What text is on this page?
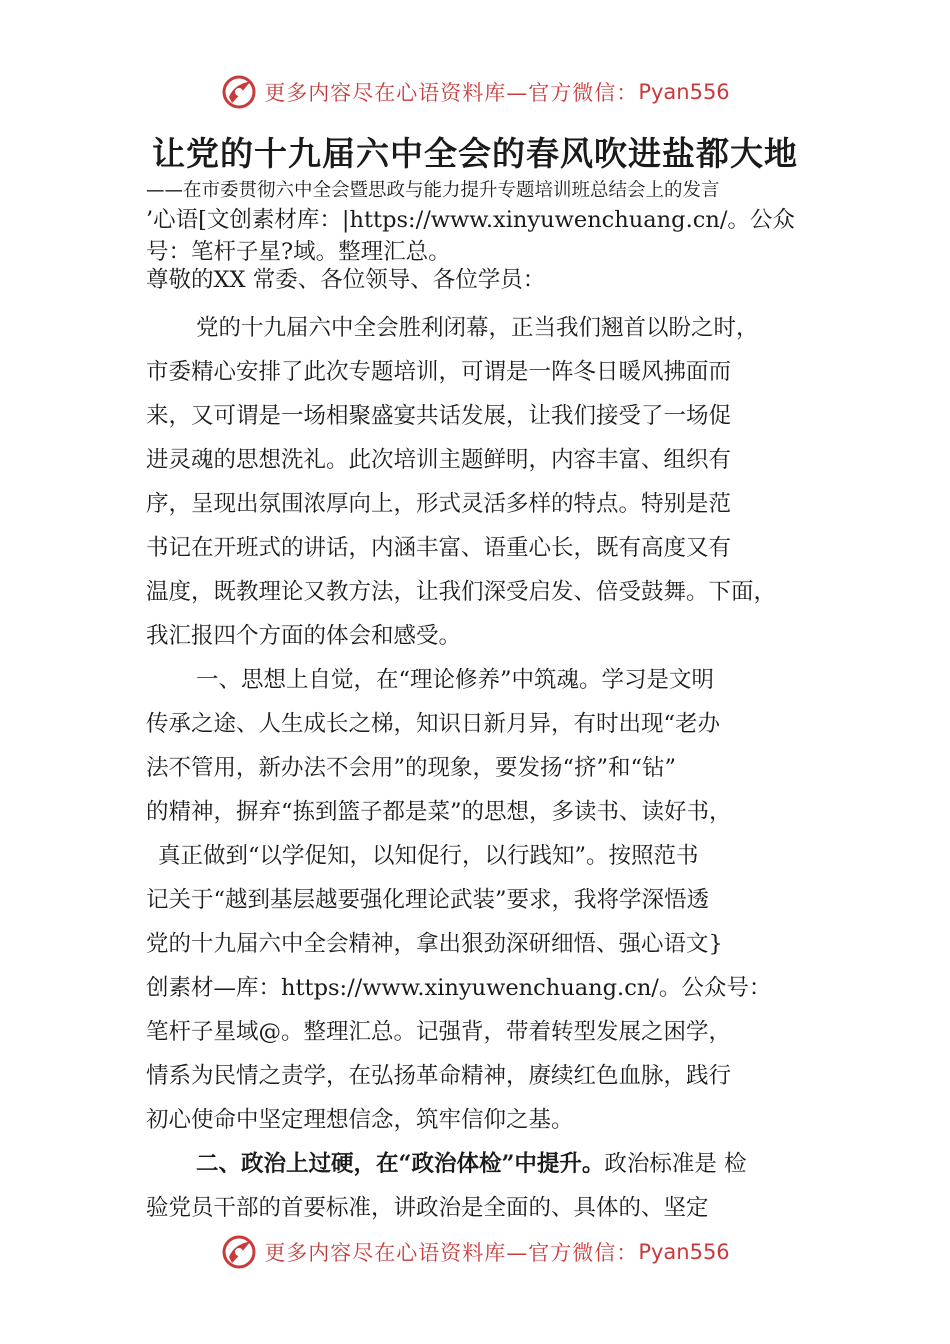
更多内容尽在心语资料库—官方微信： Pyan556
让党的十九届六中全会的春风吹进盐都大地

——在市委贯彻六中全会暨思政与能力提升专题培训班总结会上的发言

’心语[文创素材库：|https://www.xinyuwenchuang.cn/。公众

号：笔杆子星?域。整理汇总。

尊敬的XX 常委、各位领导、各位学员：

党的十九届六中全会胜利闭幕，正当我们翘首以盼之时，

市委精心安排了此次专题培训，可谓是一阵冬日暖风拂面而

来，又可谓是一场相聚盛宴共话发展，让我们接受了一场促

进灵魂的思想洗礼。此次培训主题鲜明，内容丰富、组织有

序，呈现出氛围浓厚向上，形式灵活多样的特点。特别是范

书记在开班式的讲话，内涵丰富、语重心长，既有高度又有

温度，既教理论又教方法，让我们深受启发、倍受鼓舞。下面，

我汇报四个方面的体会和感受。

一、思想上自觉，在“理论修养”中筑魂。学习是文明

传承之途、人生成长之梯，知识日新月异，有时出现“老办

法不管用，新办法不会用”的现象，要发扬“挤”和“钻”

的精神，摒弃“拣到篮子都是菜”的思想，多读书、读好书，

真正做到“以学促知，以知促行，以行践知”。按照范书

记关于“越到基层越要强化理论武装”要求，我将学深悟透

党的十九届六中全会精神，拿出狠劲深研细悟、强心语文}

创素材—库：https://www.xinyuwenchuang.cn/。公众号：

笔杆子星域@。整理汇总。记强背，带着转型发展之困学，

情系为民情之责学，在弘扬革命精神，赓续红色血脉，践行

初心使命中坚定理想信念，筑牢信仰之基。

二、政治上过硬，在“政治体检”中提升。政治标准是 检

验党员干部的首要标准，讲政治是全面的、具体的、坚定

更多内容尽在心语资料库—官方微信： Pyan556
